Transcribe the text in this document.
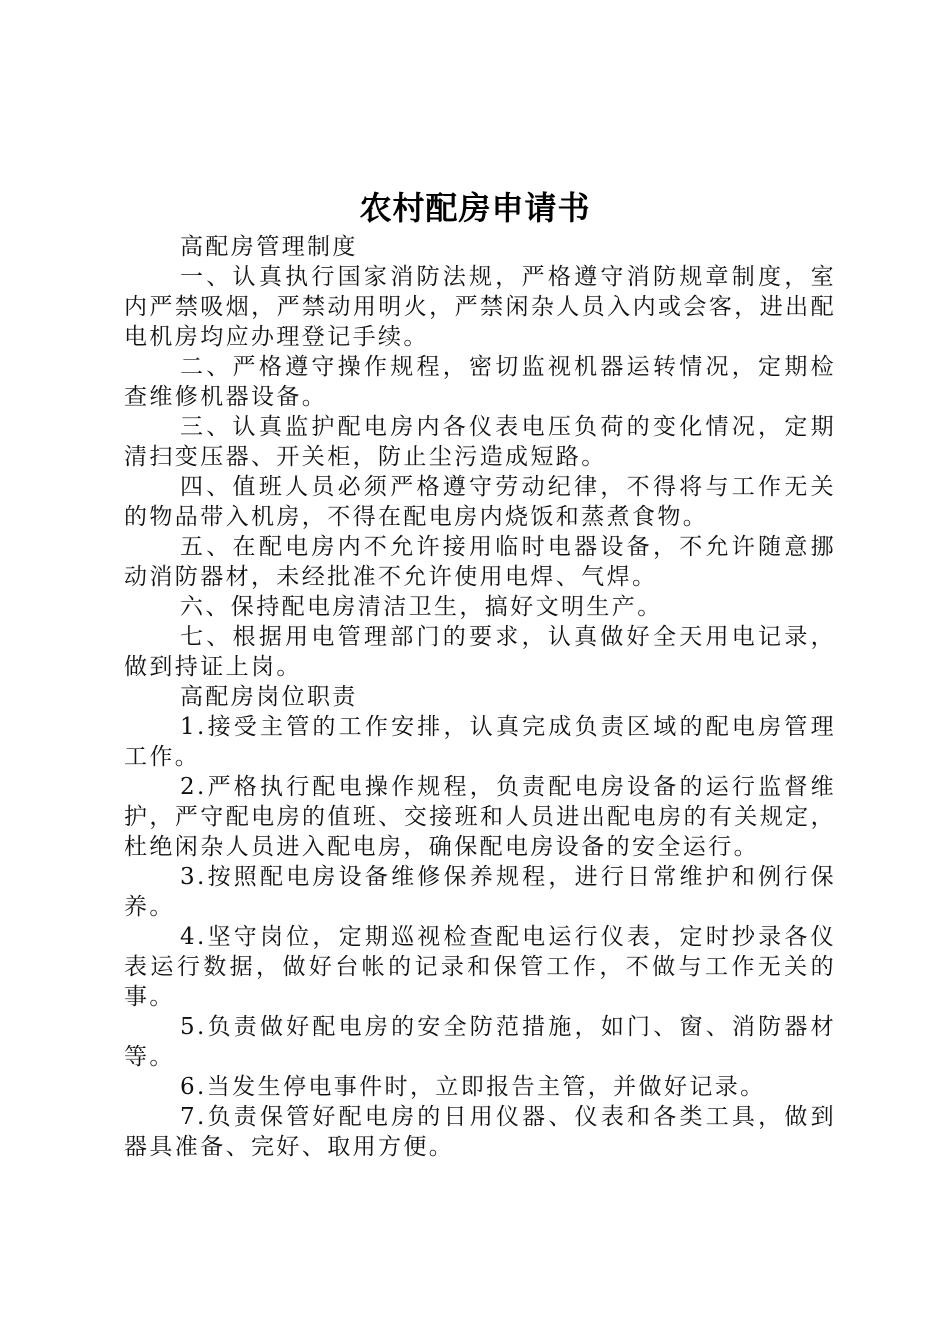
农村配房申请书

高配房管理制度

一、认真执行国家消防法规，严格遵守消防规章制度，室内严禁吸烟，严禁动用明火，严禁闲杂人员入内或会客，进出配电机房均应办理登记手续。

二、严格遵守操作规程，密切监视机器运转情况，定期检查维修机器设备。

三、认真监护配电房内各仪表电压负荷的变化情况，定期清扫变压器、开关柜，防止尘污造成短路。

四、值班人员必须严格遵守劳动纪律，不得将与工作无关的物品带入机房，不得在配电房内烧饭和蒸煮食物。

五、在配电房内不允许接用临时电器设备，不允许随意挪动消防器材，未经批准不允许使用电焊、气焊。

六、保持配电房清洁卫生，搞好文明生产。

七、根据用电管理部门的要求，认真做好全天用电记录，做到持证上岗。

高配房岗位职责

1.接受主管的工作安排，认真完成负责区域的配电房管理工作。

2.严格执行配电操作规程，负责配电房设备的运行监督维护，严守配电房的值班、交接班和人员进出配电房的有关规定，杜绝闲杂人员进入配电房，确保配电房设备的安全运行。

3.按照配电房设备维修保养规程，进行日常维护和例行保养。

4.坚守岗位，定期巡视检查配电运行仪表，定时抄录各仪表运行数据，做好台帐的记录和保管工作，不做与工作无关的事。

5.负责做好配电房的安全防范措施，如门、窗、消防器材等。

6.当发生停电事件时，立即报告主管，并做好记录。

7.负责保管好配电房的日用仪器、仪表和各类工具，做到器具准备、完好、取用方便。
